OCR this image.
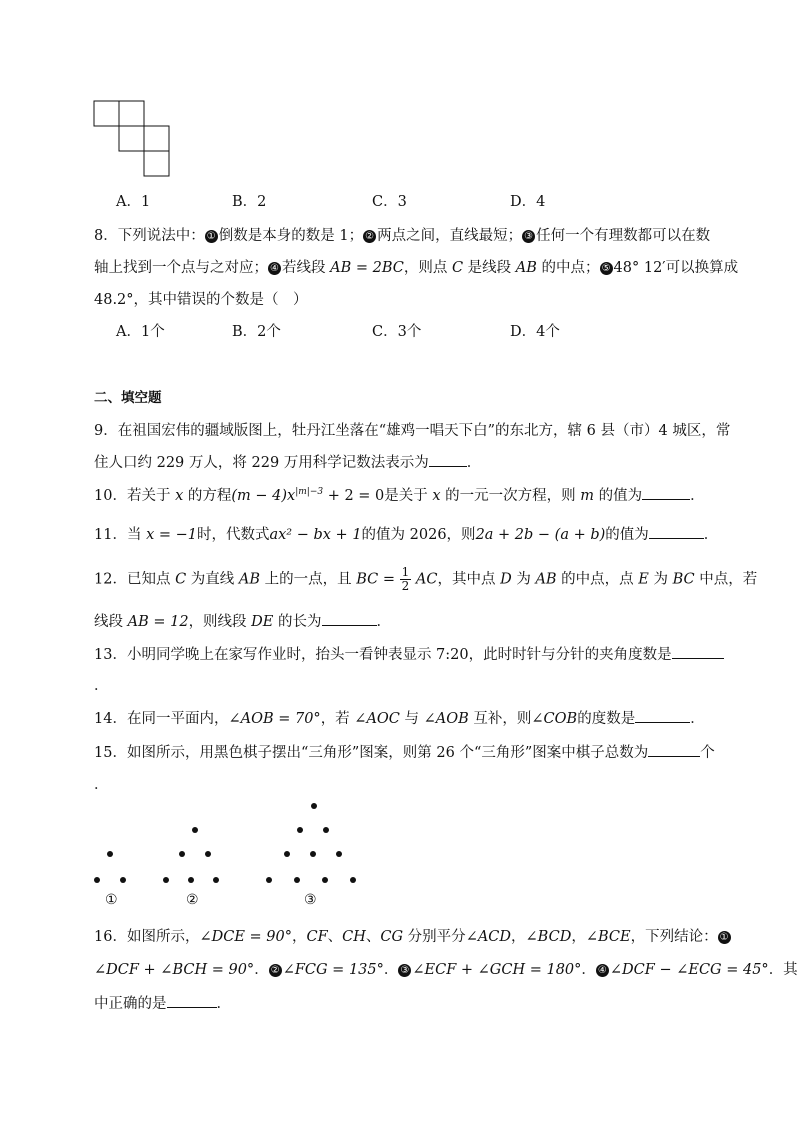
A．1	B．2	C．3	D．4
8．下列说法中： ① 倒数是本身的数是 1； ② 两点之间，直线最短； ③ 任何一个有理数都可以在数
轴上找到一个点与之对应； ④ 若线段 AB = 2BC，则点 C 是线段 AB 的中点； ⑤ 48° 12′可以换算成
48.2°，其中错误的个数是（　）
A．1个	B．2个	C．3个	D．4个
二、填空题
9．在祖国宏伟的疆域版图上，牡丹江坐落在“雄鸡一唱天下白”的东北方，辖 6 县（市）4 城区，常
住人口约 229 万人，将 229 万用科学记数法表示为	．
10．若关于 x 的方程$(m - 4)x^{|m|-3} + 2 = 0$是关于 x 的一元一次方程，则 m 的值为	．
11．当 x = −1时，代数式ax² − bx + 1的值为 2026，则2a + 2b − (a + b)的值为	．
12．已知点 C 为直线 AB 上的一点，且 BC = $\frac{1}{2}$ AC，其中点 D 为 AB 的中点，点 E 为 BC 中点，若
线段 AB = 12，则线段 DE 的长为	．
13．小明同学晚上在家写作业时，抬头一看钟表显示 7:20，此时时针与分针的夹角度数是
．
14．在同一平面内，∠AOB = 70°，若 ∠AOC 与 ∠AOB 互补，则∠COB的度数是	．
15．如图所示，用黑色棋子摆出“三角形”图案，则第 26 个“三角形”图案中棋子总数为	个
．
①	②	③
16．如图所示，∠DCE = 90°，CF、CH、CG 分别平分∠ACD，∠BCD，∠BCE，下列结论： ①
∠DCF + ∠BCH = 90°． ② ∠FCG = 135°． ③ ∠ECF + ∠GCH = 180°． ④ ∠DCF − ∠ECG = 45°．其
中正确的是	．
